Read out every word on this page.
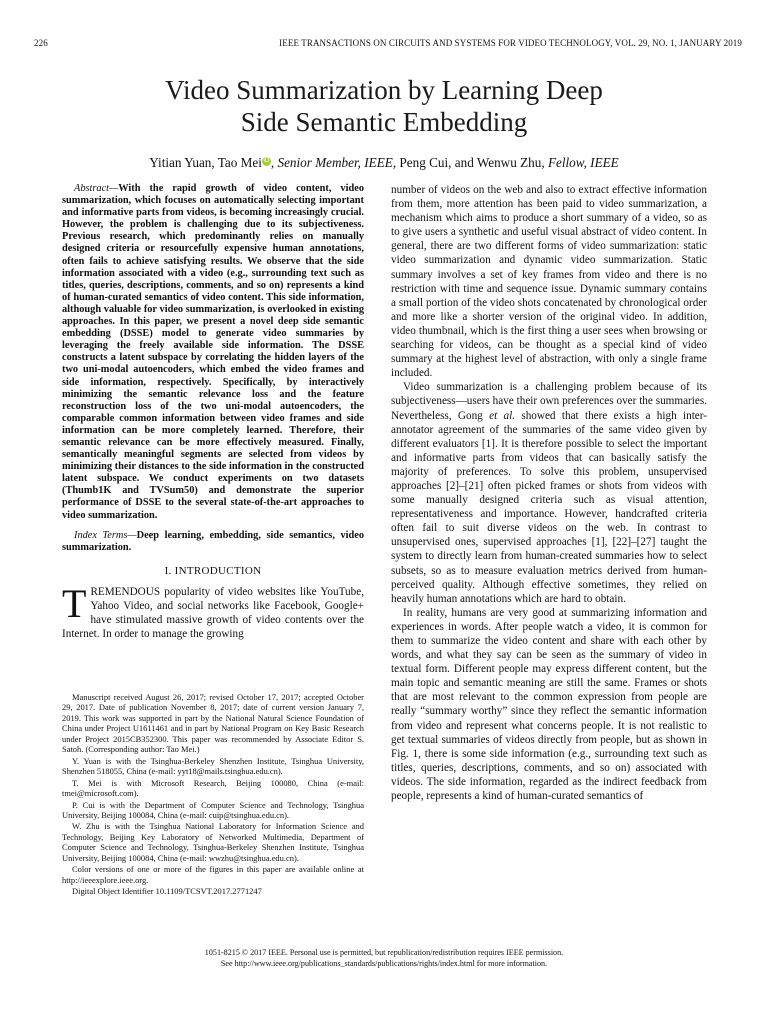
226	IEEE TRANSACTIONS ON CIRCUITS AND SYSTEMS FOR VIDEO TECHNOLOGY, VOL. 29, NO. 1, JANUARY 2019
Video Summarization by Learning Deep
Side Semantic Embedding
Yitian Yuan, Tao Mei iD , Senior Member, IEEE, Peng Cui, and Wenwu Zhu, Fellow, IEEE

Abstract—With the rapid growth of video content, video summarization, which focuses on automatically selecting important and informative parts from videos, is becoming increasingly crucial. However, the problem is challenging due to its subjectiveness. Previous research, which predominantly relies on manually designed criteria or resourcefully expensive human annotations, often fails to achieve satisfying results. We observe that the side information associated with a video (e.g., surrounding text such as titles, queries, descriptions, comments, and so on) represents a kind of human-curated semantics of video content. This side information, although valuable for video summarization, is overlooked in existing approaches. In this paper, we present a novel deep side semantic embedding (DSSE) model to generate video summaries by leveraging the freely available side information. The DSSE constructs a latent subspace by correlating the hidden layers of the two uni-modal autoencoders, which embed the video frames and side information, respectively. Specifically, by interactively minimizing the semantic relevance loss and the feature reconstruction loss of the two uni-modal autoencoders, the comparable common information between video frames and side information can be more completely learned. Therefore, their semantic relevance can be more effectively measured. Finally, semantically meaningful segments are selected from videos by minimizing their distances to the side information in the constructed latent subspace. We conduct experiments on two datasets (Thumb1K and TVSum50) and demonstrate the superior performance of DSSE to the several state-of-the-art approaches to video summarization.

Index Terms—Deep learning, embedding, side semantics, video summarization.

I. INTRODUCTION

TREMENDOUS popularity of video websites like YouTube, Yahoo Video, and social networks like Facebook, Google+ have stimulated massive growth of video contents over the Internet. In order to manage the growing

Manuscript received August 26, 2017; revised October 17, 2017; accepted October 29, 2017. Date of publication November 8, 2017; date of current version January 7, 2019. This work was supported in part by the National Natural Science Foundation of China under Project U1611461 and in part by National Program on Key Basic Research under Project 2015CB352300. This paper was recommended by Associate Editor S. Satoh. (Corresponding author: Tao Mei.)

Y. Yuan is with the Tsinghua-Berkeley Shenzhen Institute, Tsinghua University, Shenzhen 518055, China (e-mail: yyt18@mails.tsinghua.edu.cn).

T. Mei is with Microsoft Research, Beijing 100080, China (e-mail: tmei@microsoft.com).

P. Cui is with the Department of Computer Science and Technology, Tsinghua University, Beijing 100084, China (e-mail: cuip@tsinghua.edu.cn).

W. Zhu is with the Tsinghua National Laboratory for Information Science and Technology, Beijing Key Laboratory of Networked Multimedia, Department of Computer Science and Technology, Tsinghua-Berkeley Shenzhen Institute, Tsinghua University, Beijing 100084, China (e-mail: wwzhu@tsinghua.edu.cn).

Color versions of one or more of the figures in this paper are available online at http://ieeexplore.ieee.org.

Digital Object Identifier 10.1109/TCSVT.2017.2771247

number of videos on the web and also to extract effective information from them, more attention has been paid to video summarization, a mechanism which aims to produce a short summary of a video, so as to give users a synthetic and useful visual abstract of video content. In general, there are two different forms of video summarization: static video summarization and dynamic video summarization. Static summary involves a set of key frames from video and there is no restriction with time and sequence issue. Dynamic summary contains a small portion of the video shots concatenated by chronological order and more like a shorter version of the original video. In addition, video thumbnail, which is the first thing a user sees when browsing or searching for videos, can be thought as a special kind of video summary at the highest level of abstraction, with only a single frame included.

Video summarization is a challenging problem because of its subjectiveness—users have their own preferences over the summaries. Nevertheless, Gong et al. showed that there exists a high inter-annotator agreement of the summaries of the same video given by different evaluators [1]. It is therefore possible to select the important and informative parts from videos that can basically satisfy the majority of preferences. To solve this problem, unsupervised approaches [2]–[21] often picked frames or shots from videos with some manually designed criteria such as visual attention, representativeness and importance. However, handcrafted criteria often fail to suit diverse videos on the web. In contrast to unsupervised ones, supervised approaches [1], [22]–[27] taught the system to directly learn from human-created summaries how to select subsets, so as to measure evaluation metrics derived from human-perceived quality. Although effective sometimes, they relied on heavily human annotations which are hard to obtain.

In reality, humans are very good at summarizing information and experiences in words. After people watch a video, it is common for them to summarize the video content and share with each other by words, and what they say can be seen as the summary of video in textual form. Different people may express different content, but the main topic and semantic meaning are still the same. Frames or shots that are most relevant to the common expression from people are really “summary worthy” since they reflect the semantic information from video and represent what concerns people. It is not realistic to get textual summaries of videos directly from people, but as shown in Fig. 1, there is some side information (e.g., surrounding text such as titles, queries, descriptions, comments, and so on) associated with videos. The side information, regarded as the indirect feedback from people, represents a kind of human-curated semantics of

1051-8215 © 2017 IEEE. Personal use is permitted, but republication/redistribution requires IEEE permission.
See http://www.ieee.org/publications_standards/publications/rights/index.html for more information.
